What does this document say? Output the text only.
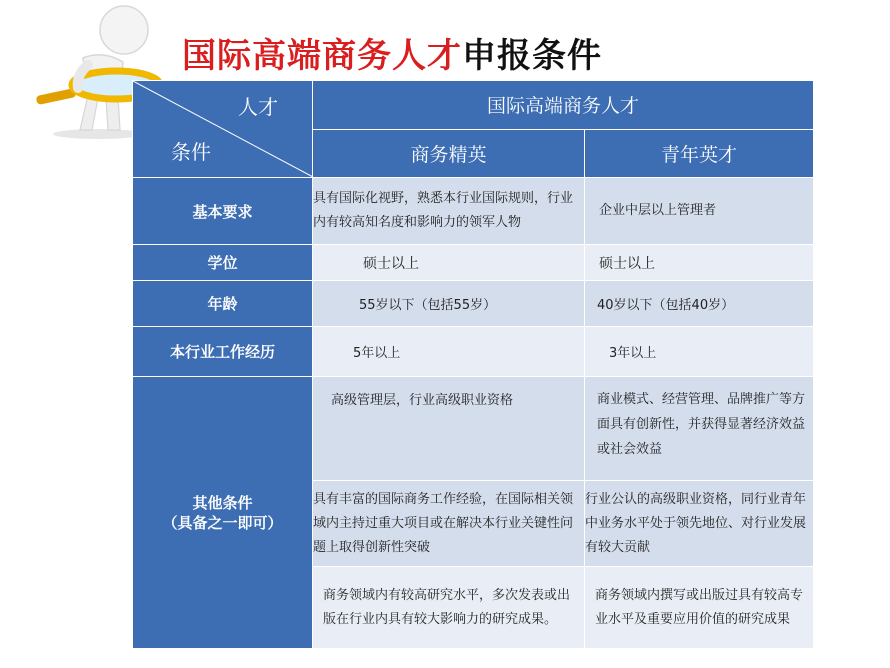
国际高端商务人才申报条件
人才
条件	国际高端商务人才	
	商务精英	青年英才
基本要求	具有国际化视野，熟悉本行业国际规则，行业内有较高知名度和影响力的领军人物	企业中层以上管理者
学位	硕士以上	硕士以上
年龄	55岁以下（包括55岁）	40岁以下（包括40岁）
本行业工作经历	5年以上	3年以上

其他条件
（具备之一即可）	高级管理层，行业高级职业资格	商业模式、经营管理、品牌推广等方面具有创新性，并获得显著经济效益或社会效益
	具有丰富的国际商务工作经验，在国际相关领域内主持过重大项目或在解决本行业关键性问题上取得创新性突破	行业公认的高级职业资格，同行业青年中业务水平处于领先地位、对行业发展有较大贡献
	商务领域内有较高研究水平，多次发表或出版在行业内具有较大影响力的研究成果。	商务领域内撰写或出版过具有较高专业水平及重要应用价值的研究成果
